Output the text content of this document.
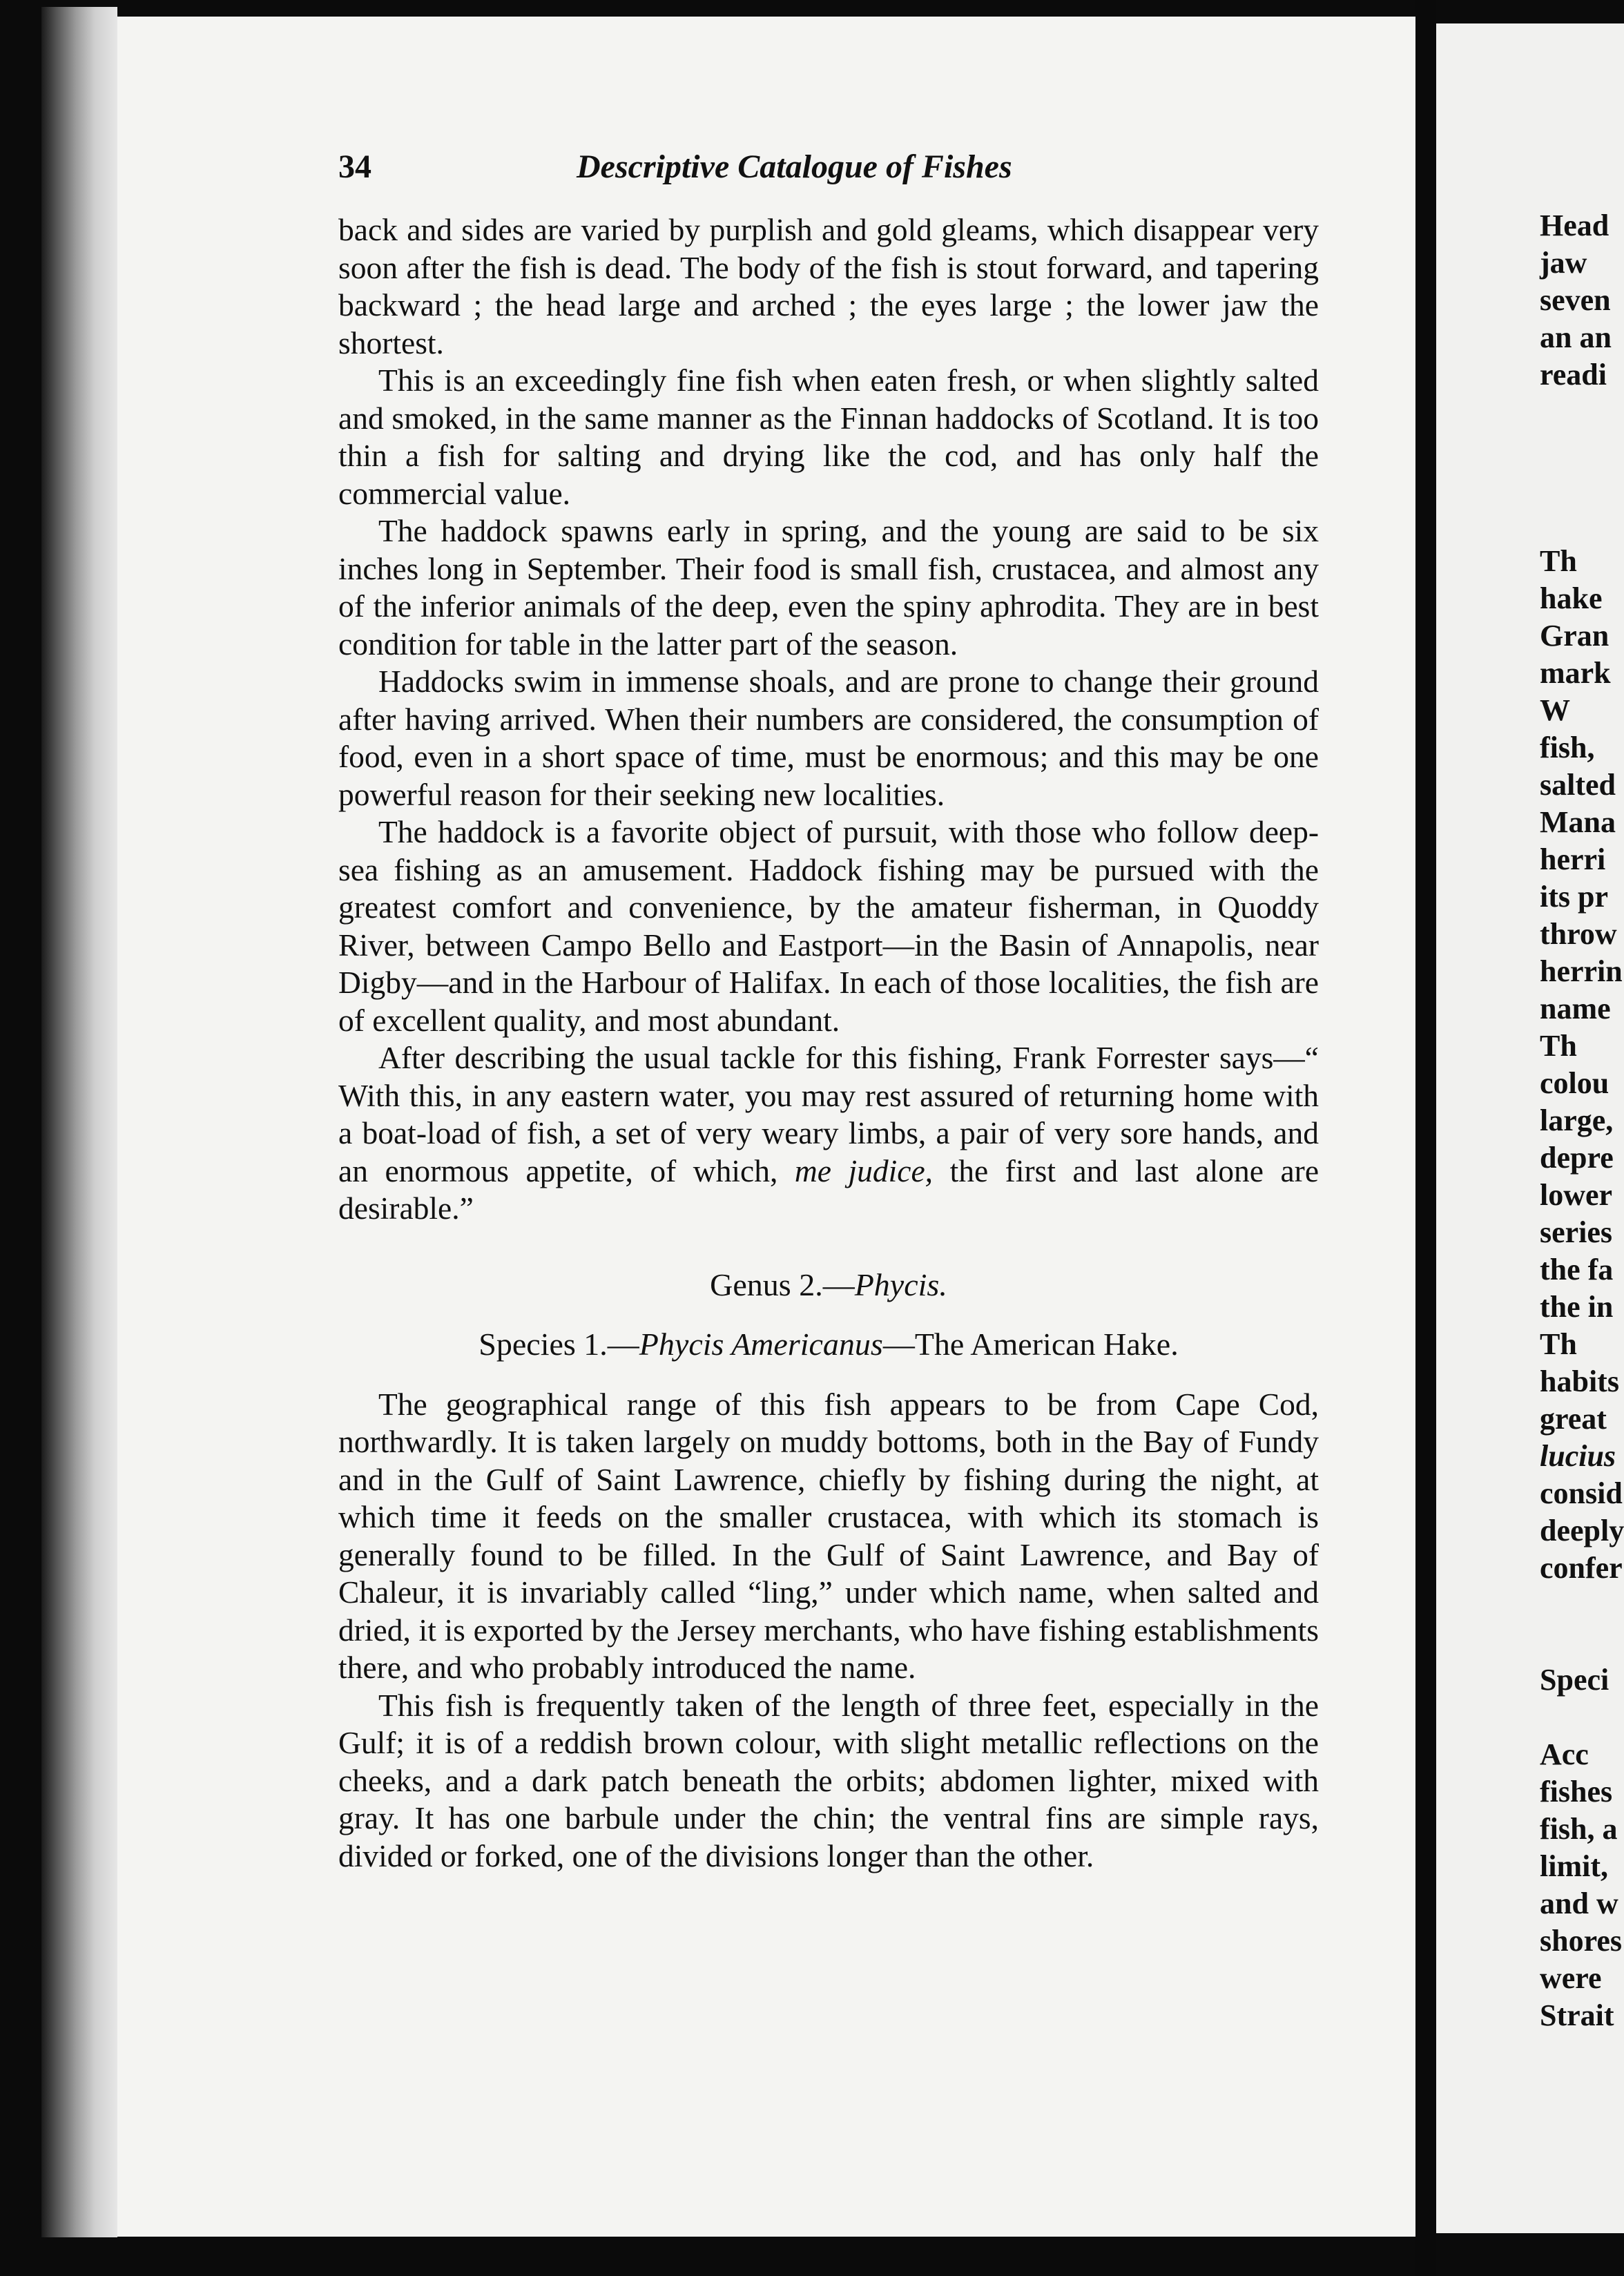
34	Descriptive Catalogue of Fishes

back and sides are varied by purplish and gold gleams, which disappear very soon after the fish is dead. The body of the fish is stout forward, and tapering backward ; the head large and arched ; the eyes large ; the lower jaw the shortest.

This is an exceedingly fine fish when eaten fresh, or when slightly salted and smoked, in the same manner as the Finnan haddocks of Scotland. It is too thin a fish for salting and drying like the cod, and has only half the commercial value.

The haddock spawns early in spring, and the young are said to be six inches long in September. Their food is small fish, crustacea, and almost any of the inferior animals of the deep, even the spiny aphrodita. They are in best condition for table in the latter part of the season.

Haddocks swim in immense shoals, and are prone to change their ground after having arrived. When their numbers are considered, the consumption of food, even in a short space of time, must be enormous; and this may be one powerful reason for their seeking new localities.

The haddock is a favorite object of pursuit, with those who follow deep-sea fishing as an amusement. Haddock fishing may be pursued with the greatest comfort and convenience, by the amateur fisherman, in Quoddy River, between Campo Bello and Eastport—in the Basin of Annapolis, near Digby—and in the Harbour of Halifax. In each of those localities, the fish are of excellent quality, and most abundant.

After describing the usual tackle for this fishing, Frank Forrester says—“ With this, in any eastern water, you may rest assured of returning home with a boat-load of fish, a set of very weary limbs, a pair of very sore hands, and an enormous appetite, of which, me judice, the first and last alone are desirable.”

Genus 2.—Phycis.
Species 1.—Phycis Americanus—The American Hake.

The geographical range of this fish appears to be from Cape Cod, northwardly. It is taken largely on muddy bottoms, both in the Bay of Fundy and in the Gulf of Saint Lawrence, chiefly by fishing during the night, at which time it feeds on the smaller crustacea, with which its stomach is generally found to be filled. In the Gulf of Saint Lawrence, and Bay of Chaleur, it is invariably called “ling,” under which name, when salted and dried, it is exported by the Jersey merchants, who have fishing establishments there, and who probably introduced the name.

This fish is frequently taken of the length of three feet, especially in the Gulf; it is of a reddish brown colour, with slight metallic reflections on the cheeks, and a dark patch beneath the orbits; abdomen lighter, mixed with gray. It has one barbule under the chin; the ventral fins are simple rays, divided or forked, one of the divisions longer than the other.

Head
jaw
seven
an an
readi
Th
hake
Gran
mark
W
fish,
salted
Mana
herri
its pr
throw
herrin
name
Th
colou
large,
depre
lower
series
the fa
the in
Th
habits
great
lucius
consid
deeply
confer
Speci
Acc
fishes
fish, a
limit,
and w
shores
were
Strait
